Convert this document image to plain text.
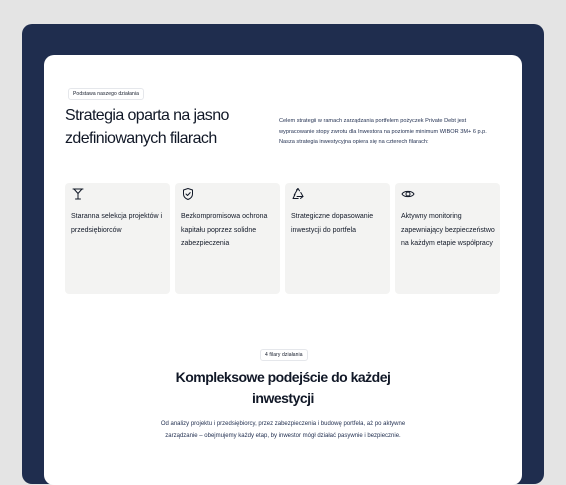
Podstawa naszego działania
Strategia oparta na jasno zdefiniowanych filarach

Celem strategii w ramach zarządzania portfelem pożyczek Private Debt jest wypracowanie stopy zwrotu dla Inwestora na poziomie minimum WIBOR 3M+ 6 p.p. Nasza strategia inwestycyjna opiera się na czterech filarach:

Staranna selekcja projektów i przedsiębiorców

Bezkompromisowa ochrona kapitału poprzez solidne zabezpieczenia

Strategiczne dopasowanie inwestycji do portfela

Aktywny monitoring zapewniający bezpieczeństwo na każdym etapie współpracy

4 filary działania
Kompleksowe podejście do każdej inwestycji

Od analizy projektu i przedsiębiorcy, przez zabezpieczenia i budowę portfela, aż po aktywne zarządzanie – obejmujemy każdy etap, by inwestor mógł działać pasywnie i bezpiecznie.
